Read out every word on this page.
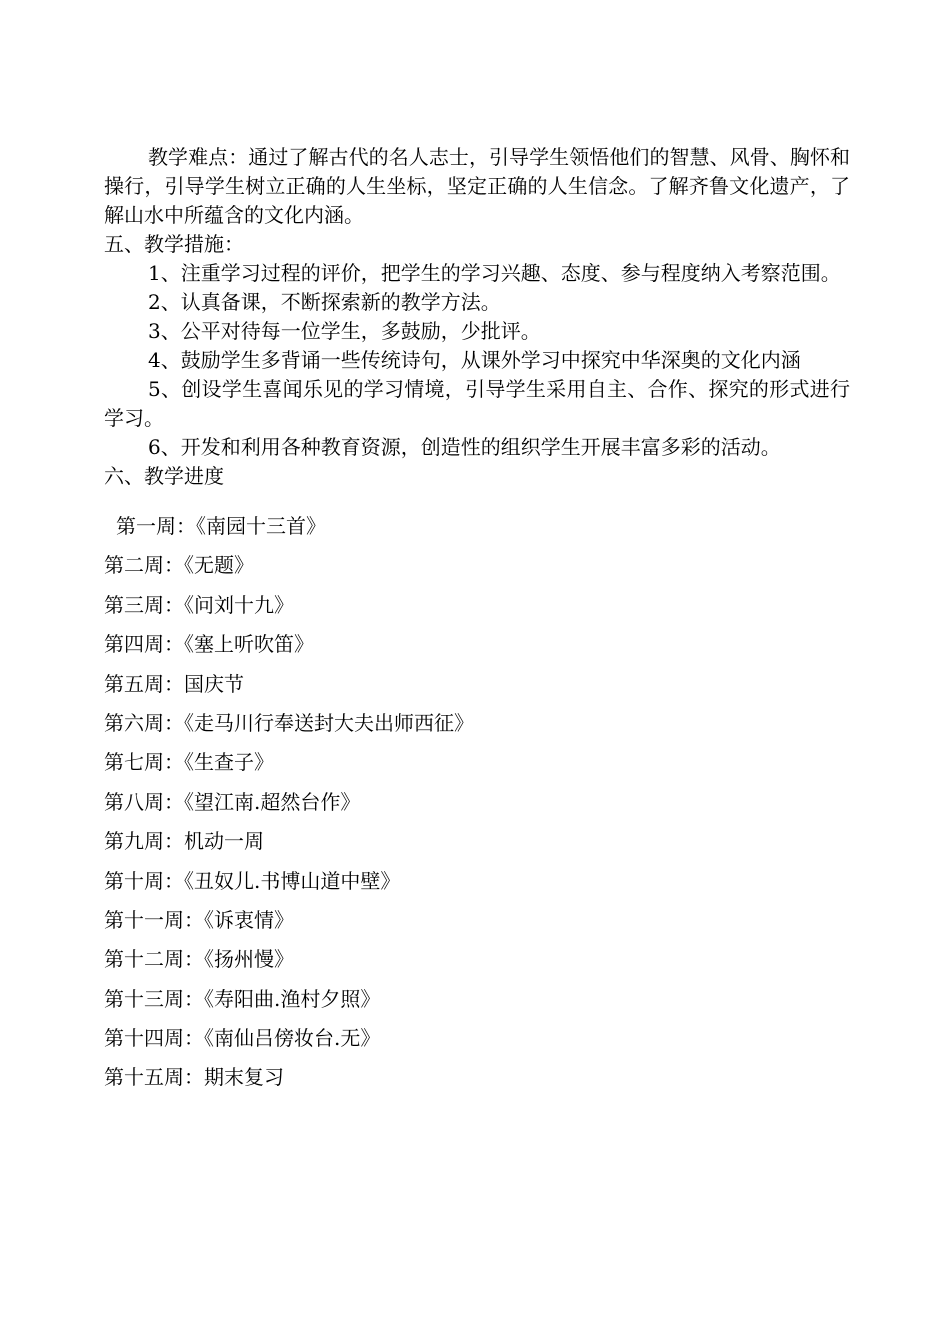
教学难点：通过了解古代的名人志士，引导学生领悟他们的智慧、风骨、胸怀和操行，引导学生树立正确的人生坐标，坚定正确的人生信念。了解齐鲁文化遗产，了解山水中所蕴含的文化内涵。

五、教学措施：

1、注重学习过程的评价，把学生的学习兴趣、态度、参与程度纳入考察范围。

2、认真备课，不断探索新的教学方法。

3、公平对待每一位学生，多鼓励，少批评。

4、鼓励学生多背诵一些传统诗句，从课外学习中探究中华深奥的文化内涵

5、创设学生喜闻乐见的学习情境，引导学生采用自主、合作、探究的形式进行学习。

6、开发和利用各种教育资源，创造性的组织学生开展丰富多彩的活动。

六、教学进度

第一周：《南园十三首》

第二周：《无题》

第三周：《问刘十九》

第四周：《塞上听吹笛》

第五周：国庆节

第六周：《走马川行奉送封大夫出师西征》

第七周：《生查子》

第八周：《望江南.超然台作》

第九周：机动一周

第十周：《丑奴儿.书博山道中壁》

第十一周：《诉衷情》

第十二周：《扬州慢》

第十三周：《寿阳曲.渔村夕照》

第十四周：《南仙吕傍妆台.无》

第十五周：期末复习
